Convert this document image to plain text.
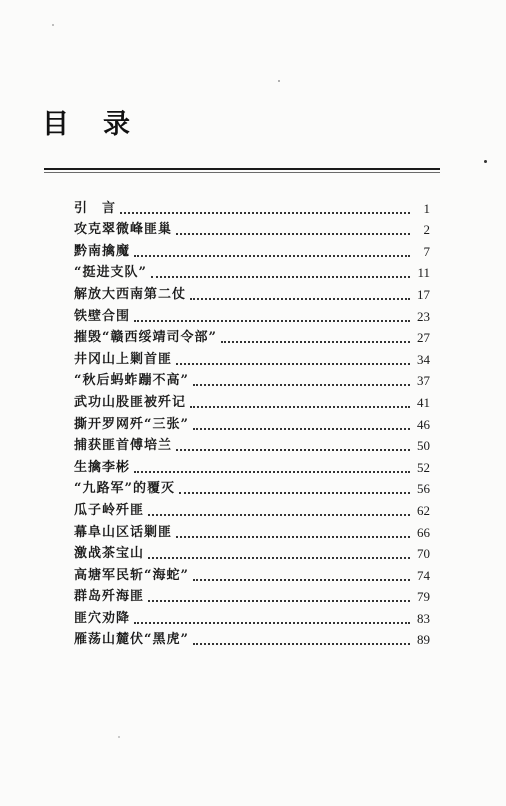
目录
引　言	1
攻克翠微峰匪巢	2
黔南擒魔	7
“挺进支队”	11
解放大西南第二仗	17
铁壁合围	23
摧毁“赣西绥靖司令部”	27
井冈山上剿首匪	34
“秋后蚂蚱蹦不高”	37
武功山股匪被歼记	41
撕开罗网歼“三张”	46
捕获匪首傅培兰	50
生擒李彬	52
“九路军”的覆灭	56
瓜子岭歼匪	62
幕阜山区话剿匪	66
激战茶宝山	70
高塘军民斩“海蛇”	74
群岛歼海匪	79
匪穴劝降	83
雁荡山麓伏“黑虎”	89
